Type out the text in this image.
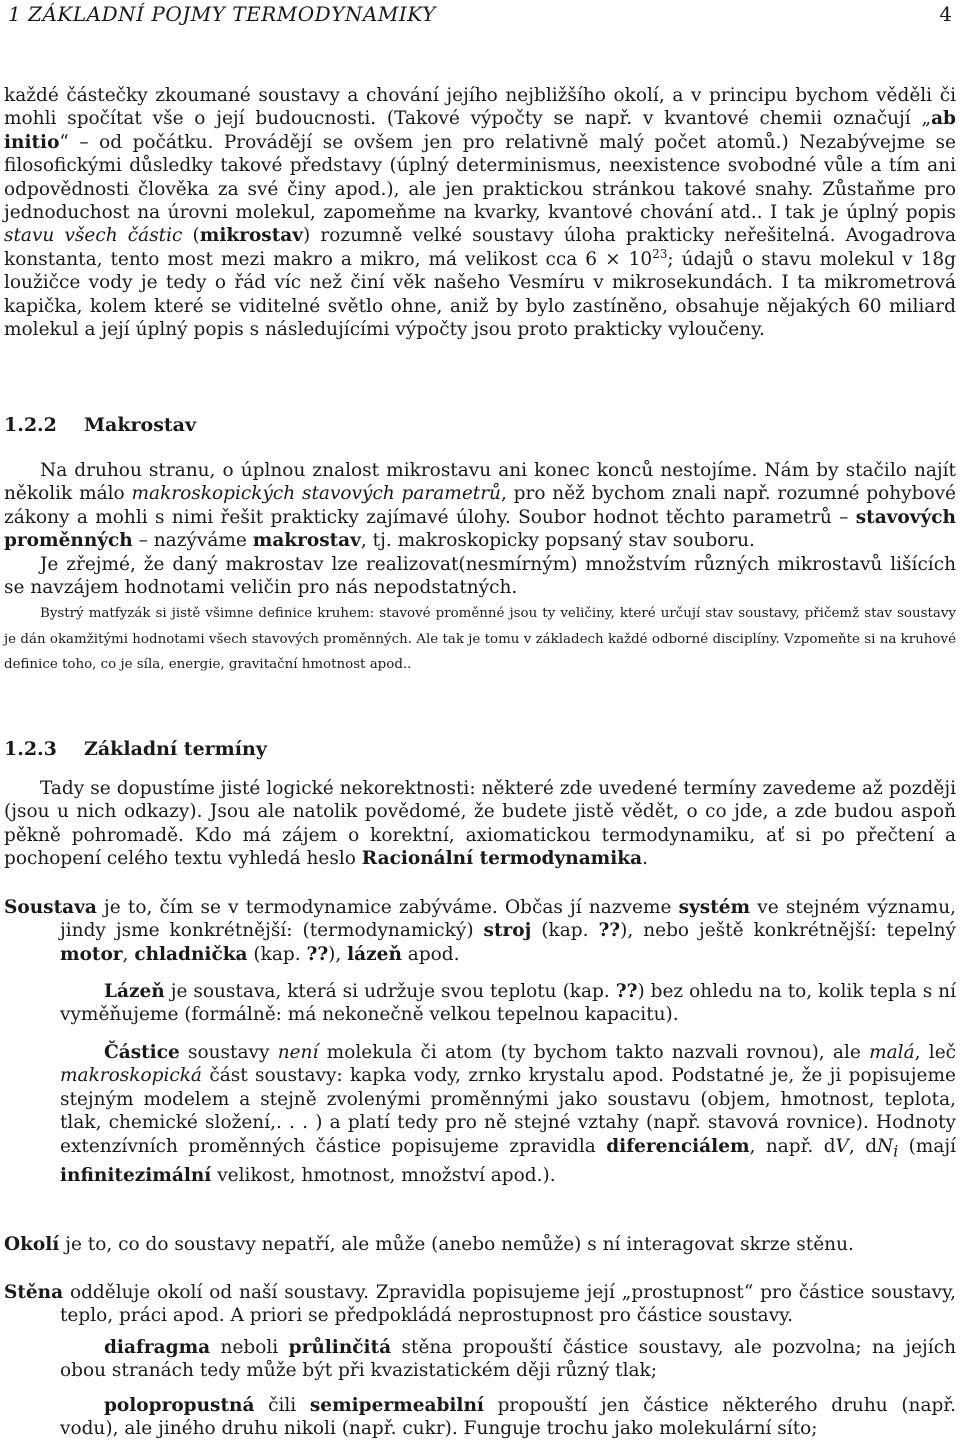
1 ZÁKLADNÍ POJMY TERMODYNAMIKY	4

každé částečky zkoumané soustavy a chování jejího nejbližšího okolí, a v principu bychom věděli či mohli spočítat vše o její budoucnosti. (Takové výpočty se např. v kvantové chemii označují „ab initio“ – od počátku. Provádějí se ovšem jen pro relativně malý počet atomů.) Nezabývejme se filosofickými důsledky takové představy (úplný determinismus, neexistence svobodné vůle a tím ani odpovědnosti člověka za své činy apod.), ale jen praktickou stránkou takové snahy. Zůstaňme pro jednoduchost na úrovni molekul, zapomeňme na kvarky, kvantové chování atd.. I tak je úplný popis stavu všech částic (mikrostav) rozumně velké soustavy úloha prakticky neřešitelná. Avogadrova konstanta, tento most mezi makro a mikro, má velikost cca $6 \times 10^{23}$; údajů o stavu molekul v 18g loužičce vody je tedy o řád víc než činí věk našeho Vesmíru v mikrosekundách. I ta mikrometrová kapička, kolem které se viditelné světlo ohne, aniž by bylo zastíněno, obsahuje nějakých 60 miliard molekul a její úplný popis s následujícími výpočty jsou proto prakticky vyloučeny.

1.2.2 Makrostav

Na druhou stranu, o úplnou znalost mikrostavu ani konec konců nestojíme. Nám by stačilo najít několik málo makroskopických stavových parametrů, pro něž bychom znali např. rozumné pohybové zákony a mohli s nimi řešit prakticky zajímavé úlohy. Soubor hodnot těchto parametrů – stavových proměnných – nazýváme makrostav, tj. makroskopicky popsaný stav souboru.

Je zřejmé, že daný makrostav lze realizovat(nesmírným) množstvím různých mikrostavů lišících se navzájem hodnotami veličin pro nás nepodstatných.

Bystrý matfyzák si jistě všimne definice kruhem: stavové proměnné jsou ty veličiny, které určují stav soustavy, přičemž stav soustavy je dán okamžitými hodnotami všech stavových proměnných. Ale tak je tomu v základech každé odborné disciplíny. Vzpomeňte si na kruhové definice toho, co je síla, energie, gravitační hmotnost apod..

1.2.3 Základní termíny

Tady se dopustíme jisté logické nekorektnosti: některé zde uvedené termíny zavedeme až později (jsou u nich odkazy). Jsou ale natolik povědomé, že budete jistě vědět, o co jde, a zde budou aspoň pěkně pohromadě. Kdo má zájem o korektní, axiomatickou termodynamiku, ať si po přečtení a pochopení celého textu vyhledá heslo Racionální termodynamika.

Soustava je to, čím se v termodynamice zabýváme. Občas jí nazveme systém ve stejném významu, jindy jsme konkrétnější: (termodynamický) stroj (kap. ??), nebo ještě konkrétnější: tepelný motor, chladnička (kap. ??), lázeň apod.

Lázeň je soustava, která si udržuje svou teplotu (kap. ??) bez ohledu na to, kolik tepla s ní vyměňujeme (formálně: má nekonečně velkou tepelnou kapacitu).

Částice soustavy není molekula či atom (ty bychom takto nazvali rovnou), ale malá, leč makroskopická část soustavy: kapka vody, zrnko krystalu apod. Podstatné je, že ji popisujeme stejným modelem a stejně zvolenými proměnnými jako soustavu (objem, hmotnost, teplota, tlak, chemické složení,. . . ) a platí tedy pro ně stejné vztahy (např. stavová rovnice). Hodnoty extenzívních proměnných částice popisujeme zpravidla diferenciálem, např. dV, $dN_i$ (mají infinitezimální velikost, hmotnost, množství apod.).

Okolí je to, co do soustavy nepatří, ale může (anebo nemůže) s ní interagovat skrze stěnu.

Stěna odděluje okolí od naší soustavy. Zpravidla popisujeme její „prostupnost“ pro částice soustavy, teplo, práci apod. A priori se předpokládá neprostupnost pro částice soustavy.

diafragma neboli průlinčitá stěna propouští částice soustavy, ale pozvolna; na jejích obou stranách tedy může být při kvazistatickém ději různý tlak;

polopropustná čili semipermeabilní propouští jen částice některého druhu (např. vodu), ale jiného druhu nikoli (např. cukr). Funguje trochu jako molekulární síto;
